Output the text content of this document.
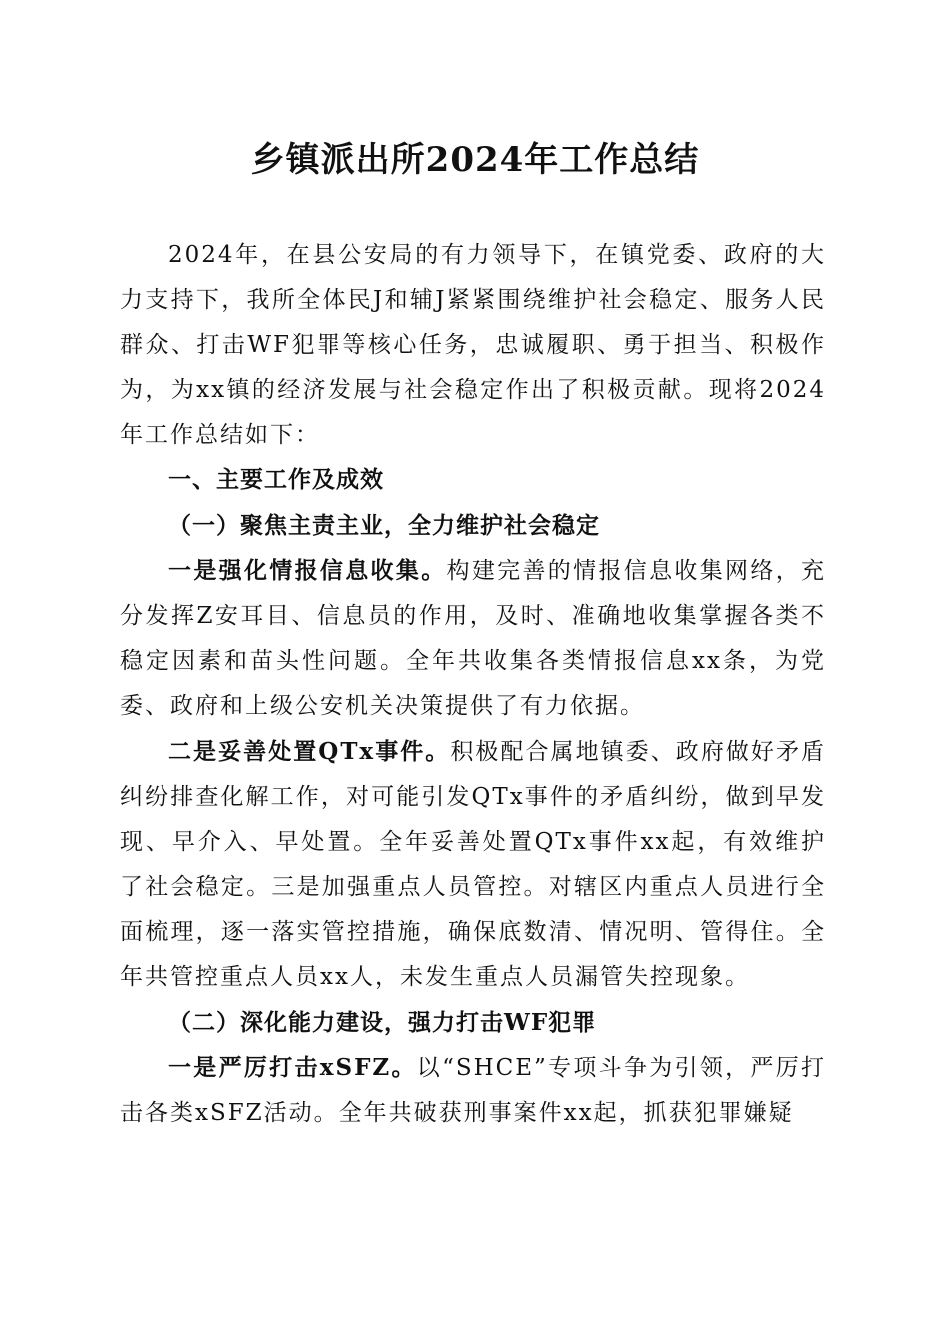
乡镇派出所2024年工作总结

2024年，在县公安局的有力领导下，在镇党委、政府的大力支持下，我所全体民J和辅J紧紧围绕维护社会稳定、服务人民群众、打击WF犯罪等核心任务，忠诚履职、勇于担当、积极作为，为xx镇的经济发展与社会稳定作出了积极贡献。现将2024年工作总结如下：

一、主要工作及成效

（一）聚焦主责主业，全力维护社会稳定

一是强化情报信息收集。构建完善的情报信息收集网络，充分发挥Z安耳目、信息员的作用，及时、准确地收集掌握各类不稳定因素和苗头性问题。全年共收集各类情报信息xx条，为党委、政府和上级公安机关决策提供了有力依据。

二是妥善处置QTx事件。积极配合属地镇委、政府做好矛盾纠纷排查化解工作，对可能引发QTx事件的矛盾纠纷，做到早发现、早介入、早处置。全年妥善处置QTx事件xx起，有效维护了社会稳定。三是加强重点人员管控。对辖区内重点人员进行全面梳理，逐一落实管控措施，确保底数清、情况明、管得住。全年共管控重点人员xx人，未发生重点人员漏管失控现象。

（二）深化能力建设，强力打击WF犯罪

一是严厉打击xSFZ。以“SHCE”专项斗争为引领，严厉打击各类xSFZ活动。全年共破获刑事案件xx起，抓获犯罪嫌疑
